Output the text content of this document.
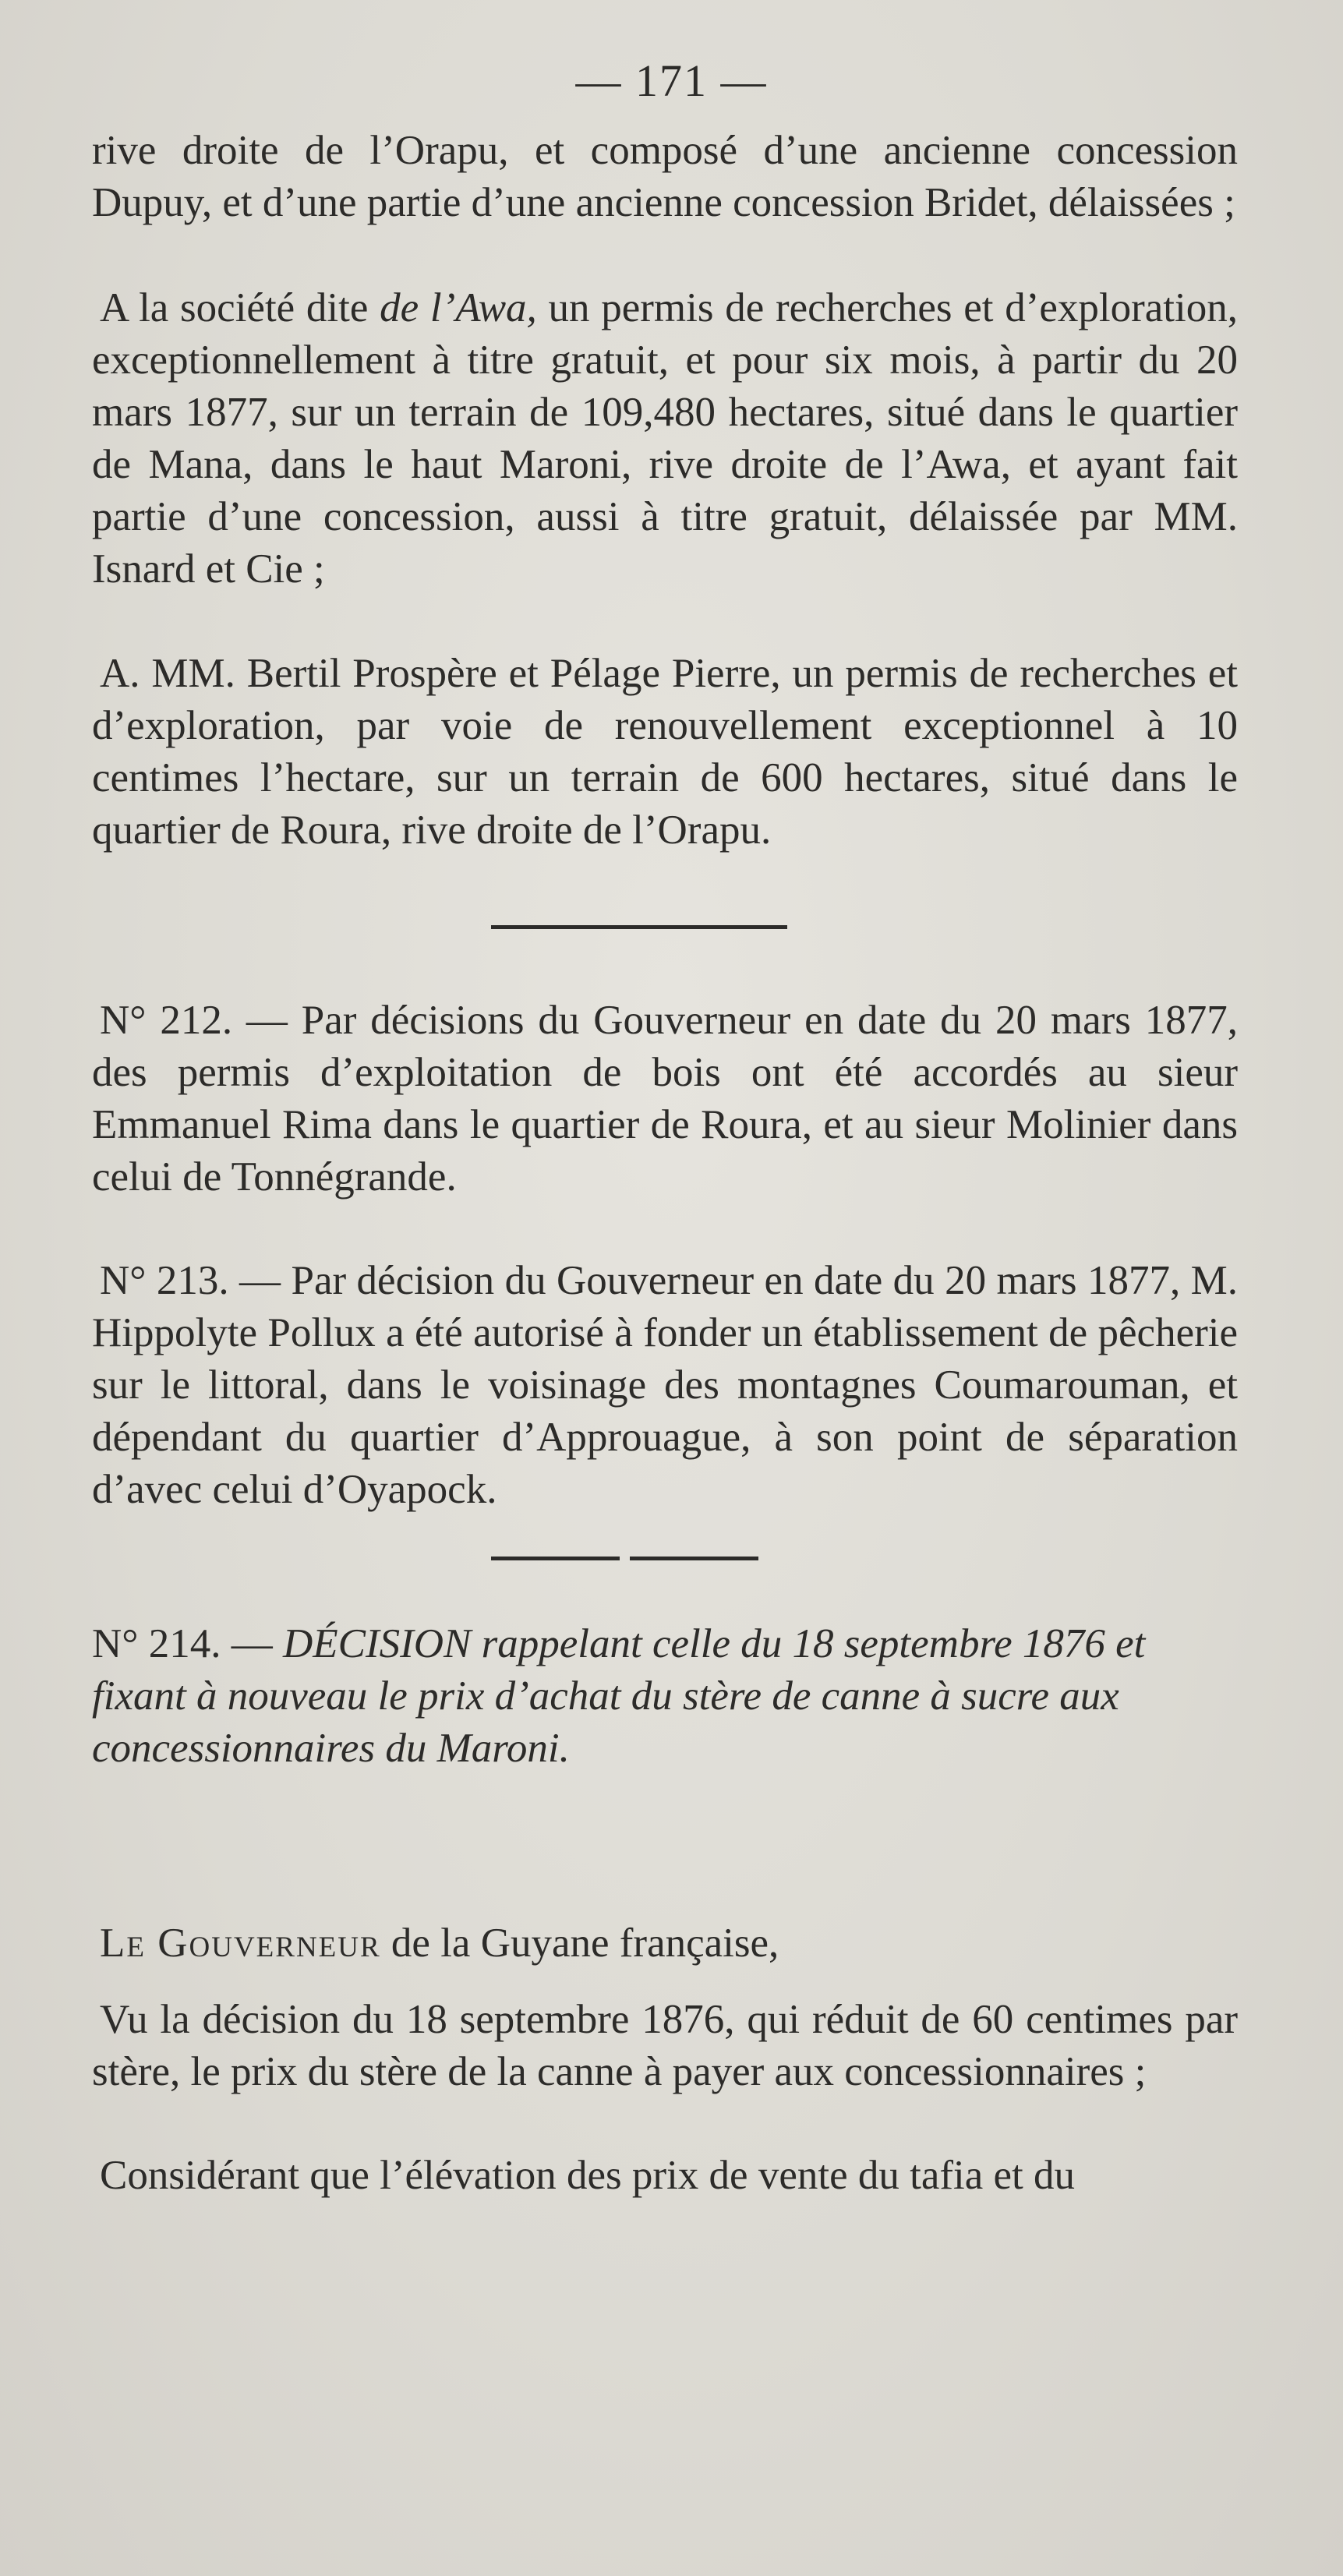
— 171 —

rive droite de l’Orapu, et composé d’une ancienne concession Dupuy, et d’une partie d’une ancienne concession Bridet, délaissées ;

A la société dite de l’Awa, un permis de recherches et d’exploration, exceptionnellement à titre gratuit, et pour six mois, à partir du 20 mars 1877, sur un terrain de 109,480 hectares, situé dans le quartier de Mana, dans le haut Maroni, rive droite de l’Awa, et ayant fait partie d’une concession, aussi à titre gratuit, délaissée par MM. Isnard et Cie ;

A. MM. Bertil Prospère et Pélage Pierre, un permis de recherches et d’exploration, par voie de renouvellement exceptionnel à 10 centimes l’hectare, sur un terrain de 600 hectares, situé dans le quartier de Roura, rive droite de l’Orapu.

N° 212. — Par décisions du Gouverneur en date du 20 mars 1877, des permis d’exploitation de bois ont été accordés au sieur Emmanuel Rima dans le quartier de Roura, et au sieur Molinier dans celui de Tonnégrande.

N° 213. — Par décision du Gouverneur en date du 20 mars 1877, M. Hippolyte Pollux a été autorisé à fonder un établissement de pêcherie sur le littoral, dans le voisinage des montagnes Coumarouman, et dépendant du quartier d’Approuague, à son point de séparation d’avec celui d’Oyapock.

N° 214. — DÉCISION rappelant celle du 18 septembre 1876 et fixant à nouveau le prix d’achat du stère de canne à sucre aux concessionnaires du Maroni.

Le Gouverneur de la Guyane française,

Vu la décision du 18 septembre 1876, qui réduit de 60 centimes par stère, le prix du stère de la canne à payer aux concessionnaires ;

Considérant que l’élévation des prix de vente du tafia et du
